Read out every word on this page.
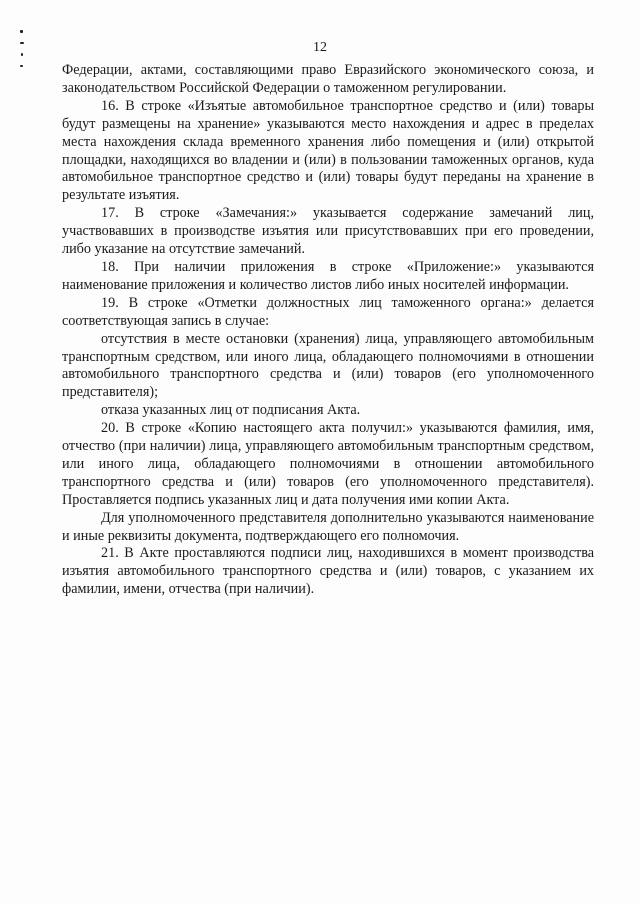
12

Федерации, актами, составляющими право Евразийского экономического союза, и законодательством Российской Федерации о таможенном регулировании.

16. В строке «Изъятые автомобильное транспортное средство и (или) товары будут размещены на хранение» указываются место нахождения и адрес в пределах места нахождения склада временного хранения либо помещения и (или) открытой площадки, находящихся во владении и (или) в пользовании таможенных органов, куда автомобильное транспортное средство и (или) товары будут переданы на хранение в результате изъятия.

17. В строке «Замечания:» указывается содержание замечаний лиц, участвовавших в производстве изъятия или присутствовавших при его проведении, либо указание на отсутствие замечаний.

18. При наличии приложения в строке «Приложение:» указываются наименование приложения и количество листов либо иных носителей информации.

19. В строке «Отметки должностных лиц таможенного органа:» делается соответствующая запись в случае:

отсутствия в месте остановки (хранения) лица, управляющего автомобильным транспортным средством, или иного лица, обладающего полномочиями в отношении автомобильного транспортного средства и (или) товаров (его уполномоченного представителя);

отказа указанных лиц от подписания Акта.

20. В строке «Копию настоящего акта получил:» указываются фамилия, имя, отчество (при наличии) лица, управляющего автомобильным транспортным средством, или иного лица, обладающего полномочиями в отношении автомобильного транспортного средства и (или) товаров (его уполномоченного представителя). Проставляется подпись указанных лиц и дата получения ими копии Акта.

Для уполномоченного представителя дополнительно указываются наименование и иные реквизиты документа, подтверждающего его полномочия.

21. В Акте проставляются подписи лиц, находившихся в момент производства изъятия автомобильного транспортного средства и (или) товаров, с указанием их фамилии, имени, отчества (при наличии).
